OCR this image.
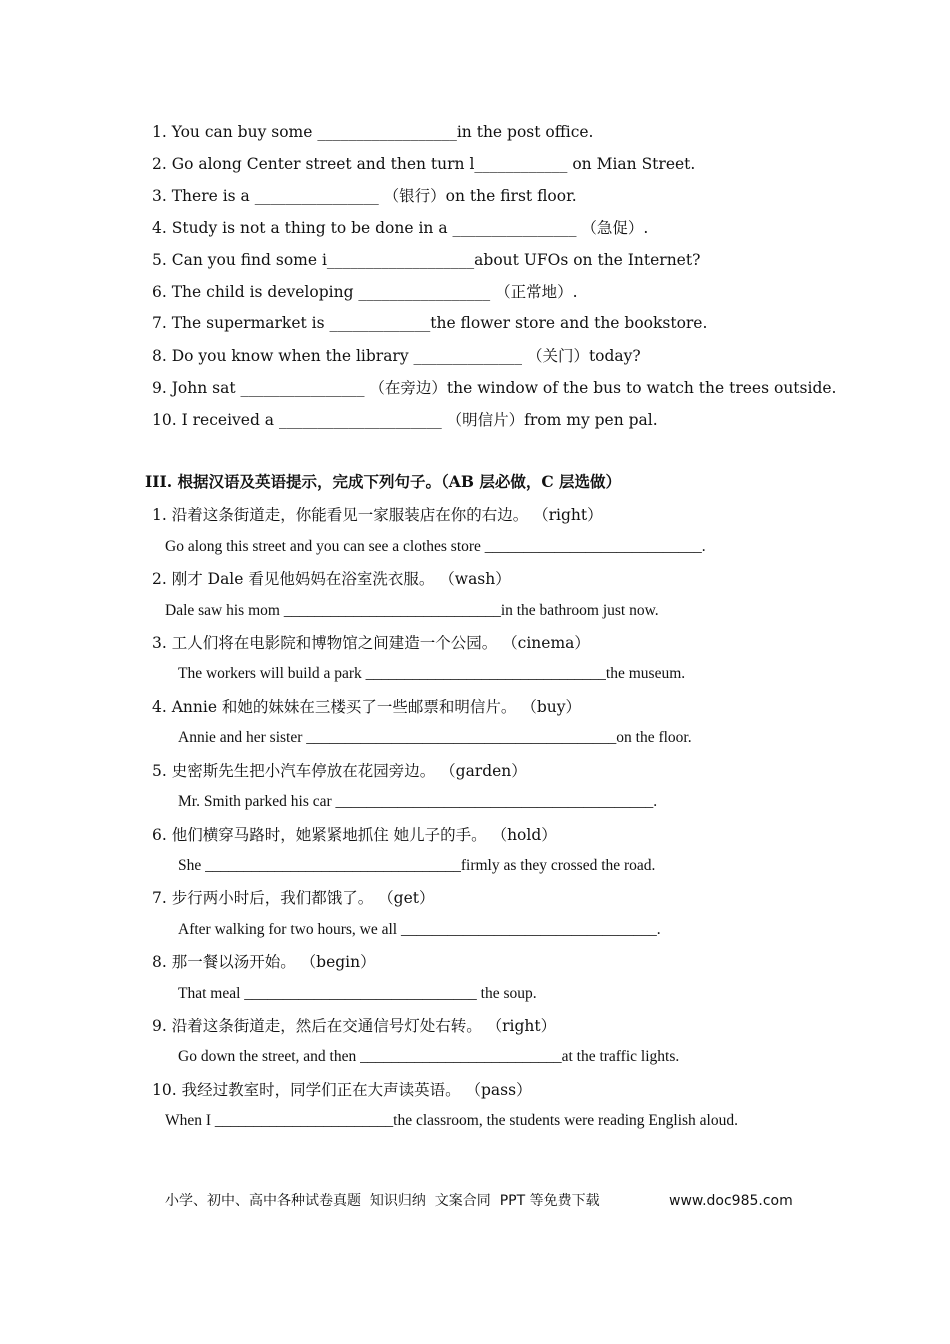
1. You can buy some __________________in the post office.
2. Go along Center street and then turn l____________ on Mian Street.
3. There is a ________________ （银行）on the first floor.
4. Study is not a thing to be done in a ________________ （急促）.
5. Can you find some i___________________about UFOs on the Internet?
6. The child is developing _________________ （正常地）.
7. The supermarket is _____________the flower store and the bookstore.
8. Do you know when the library ______________ （关门）today?
9. John sat ________________ （在旁边）the window of the bus to watch the trees outside.
10. I received a _____________________ （明信片）from my pen pal.
III. 根据汉语及英语提示，完成下列句子。（AB 层必做，C 层选做）
1. 沿着这条街道走，你能看见一家服装店在你的右边。 （right）
Go along this street and you can see a clothes store ____________________________.
2. 刚才 Dale 看见他妈妈在浴室洗衣服。 （wash）
Dale saw his mom ____________________________in the bathroom just now.
3. 工人们将在电影院和博物馆之间建造一个公园。 （cinema）
The workers will build a park _______________________________the museum.
4. Annie 和她的妹妹在三楼买了一些邮票和明信片。 （buy）
Annie and her sister ________________________________________on the floor.
5. 史密斯先生把小汽车停放在花园旁边。 （garden）
Mr. Smith parked his car _________________________________________.
6. 他们横穿马路时，她紧紧地抓住 她儿子的手。 （hold）
She _________________________________firmly as they crossed the road.
7. 步行两小时后，我们都饿了。 （get）
After walking for two hours, we all _________________________________.
8. 那一餐以汤开始。 （begin）
That meal ______________________________ the soup.
9. 沿着这条街道走，然后在交通信号灯处右转。 （right）
Go down the street, and then __________________________at the traffic lights.
10. 我经过教室时，同学们正在大声读英语。 （pass）
When I _______________________the classroom, the students were reading English aloud.
小学、初中、高中各种试卷真题  知识归纳  文案合同  PPT 等免费下载	www.doc985.com
